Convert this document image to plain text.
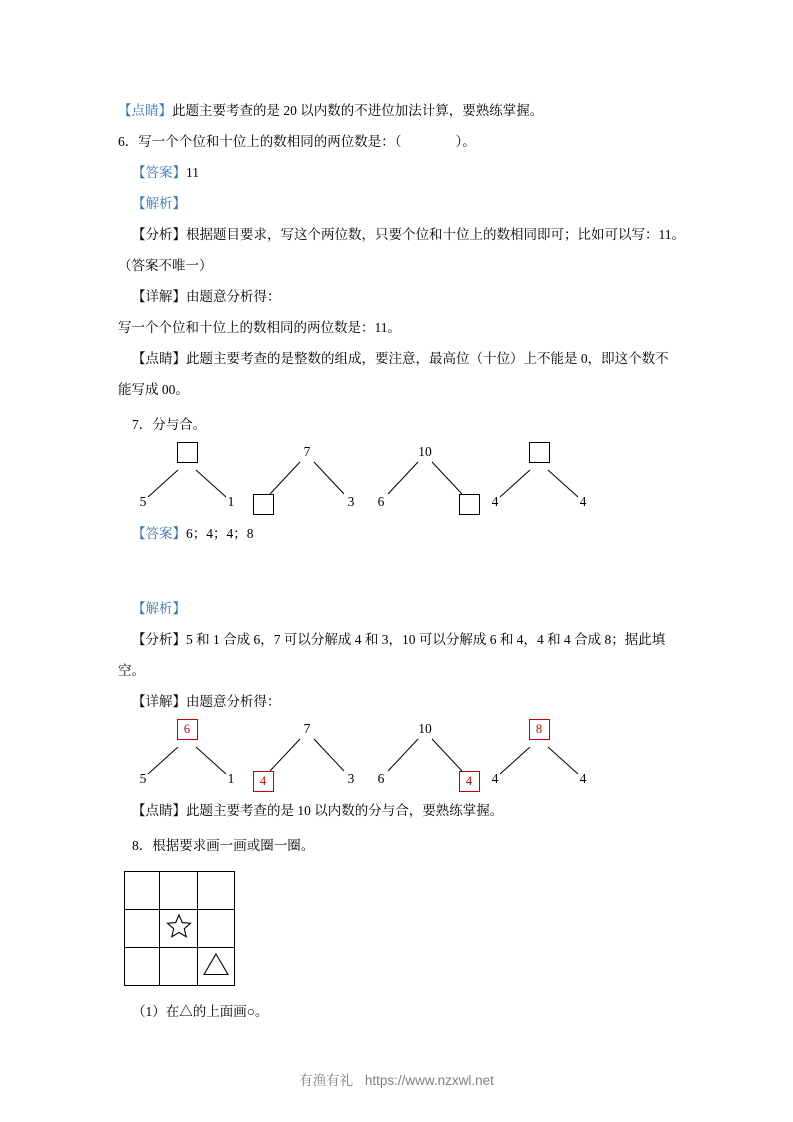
【点睛】此题主要考查的是 20 以内数的不进位加法计算，要熟练掌握。
6．写一个个位和十位上的数相同的两位数是：（　　　　）。
【答案】11
【解析】
【分析】根据题目要求，写这个两位数，只要个位和十位上的数相同即可；比如可以写：11。
（答案不唯一）
【详解】由题意分析得：
写一个个位和十位上的数相同的两位数是：11。
【点睛】此题主要考查的是整数的组成，要注意，最高位（十位）上不能是 0，即这个数不
能写成 00。
7．分与合。
5	1
7
3
10
6	4	4
【答案】6；4；4；8
【解析】
【分析】5 和 1 合成 6，7 可以分解成 4 和 3，10 可以分解成 6 和 4，4 和 4 合成 8；据此填
空。
【详解】由题意分析得：
6
5	1
7
4	3
10
6	4
8
4	4
【点睛】此题主要考查的是 10 以内数的分与合，要熟练掌握。
8．根据要求画一画或圈一圈。

（1）在△的上面画○。
有渔有礼 https://www.nzxwl.net
